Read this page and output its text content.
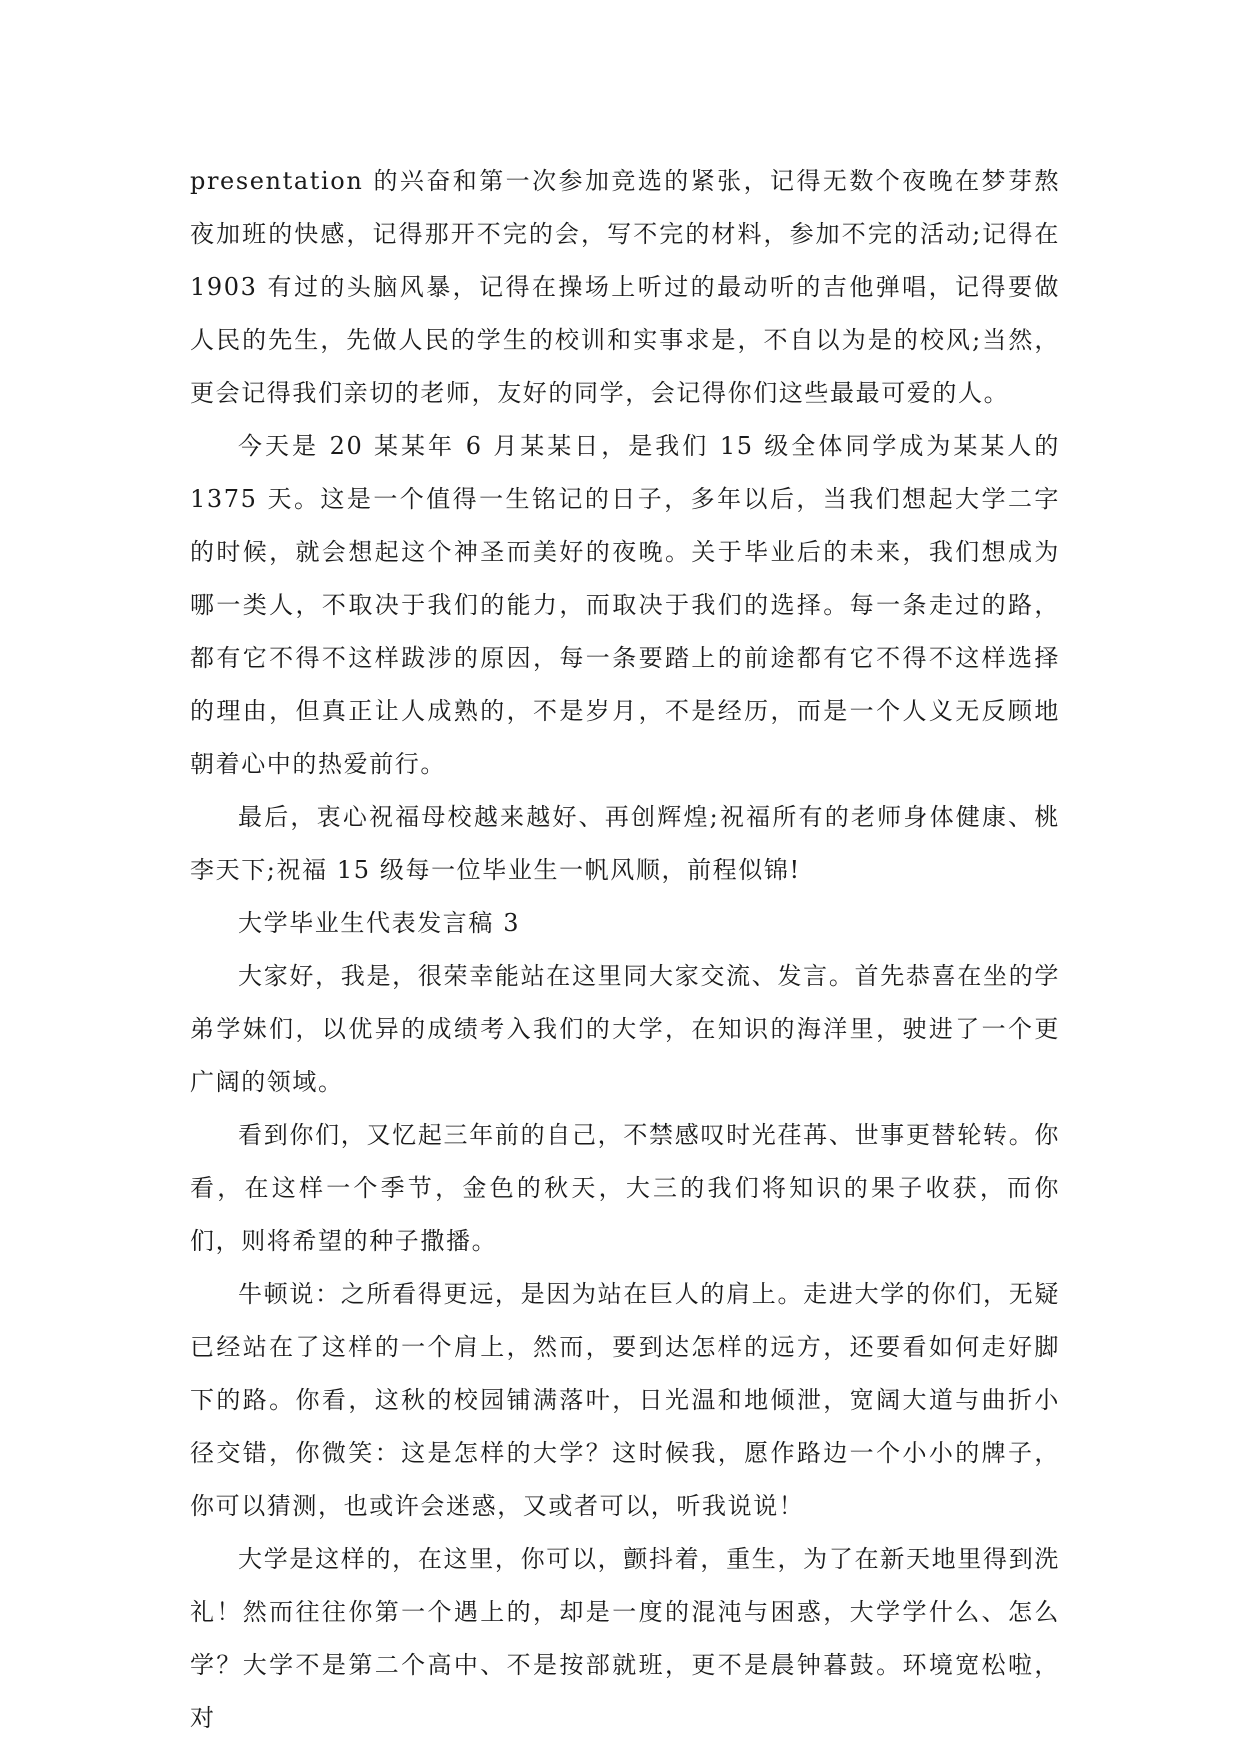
presentation 的兴奋和第一次参加竞选的紧张，记得无数个夜晚在梦芽熬夜加班的快感，记得那开不完的会，写不完的材料，参加不完的活动;记得在 1903 有过的头脑风暴，记得在操场上听过的最动听的吉他弹唱，记得要做人民的先生，先做人民的学生的校训和实事求是，不自以为是的校风;当然，更会记得我们亲切的老师，友好的同学，会记得你们这些最最可爱的人。

今天是 20 某某年 6 月某某日，是我们 15 级全体同学成为某某人的 1375 天。这是一个值得一生铭记的日子，多年以后，当我们想起大学二字的时候，就会想起这个神圣而美好的夜晚。关于毕业后的未来，我们想成为哪一类人，不取决于我们的能力，而取决于我们的选择。每一条走过的路，都有它不得不这样跋涉的原因，每一条要踏上的前途都有它不得不这样选择的理由，但真正让人成熟的，不是岁月，不是经历，而是一个人义无反顾地朝着心中的热爱前行。

最后，衷心祝福母校越来越好、再创辉煌;祝福所有的老师身体健康、桃李天下;祝福 15 级每一位毕业生一帆风顺，前程似锦!

大学毕业生代表发言稿 3

大家好，我是，很荣幸能站在这里同大家交流、发言。首先恭喜在坐的学弟学妹们，以优异的成绩考入我们的大学，在知识的海洋里，驶进了一个更广阔的领域。

看到你们，又忆起三年前的自己，不禁感叹时光荏苒、世事更替轮转。你看，在这样一个季节，金色的秋天，大三的我们将知识的果子收获，而你们，则将希望的种子撒播。

牛顿说：之所看得更远，是因为站在巨人的肩上。走进大学的你们，无疑已经站在了这样的一个肩上，然而，要到达怎样的远方，还要看如何走好脚下的路。你看，这秋的校园铺满落叶，日光温和地倾泄，宽阔大道与曲折小径交错，你微笑：这是怎样的大学？这时候我，愿作路边一个小小的牌子，你可以猜测，也或许会迷惑，又或者可以，听我说说！

大学是这样的，在这里，你可以，颤抖着，重生，为了在新天地里得到洗礼！然而往往你第一个遇上的，却是一度的混沌与困惑，大学学什么、怎么学？大学不是第二个高中、不是按部就班，更不是晨钟暮鼓。环境宽松啦，对
